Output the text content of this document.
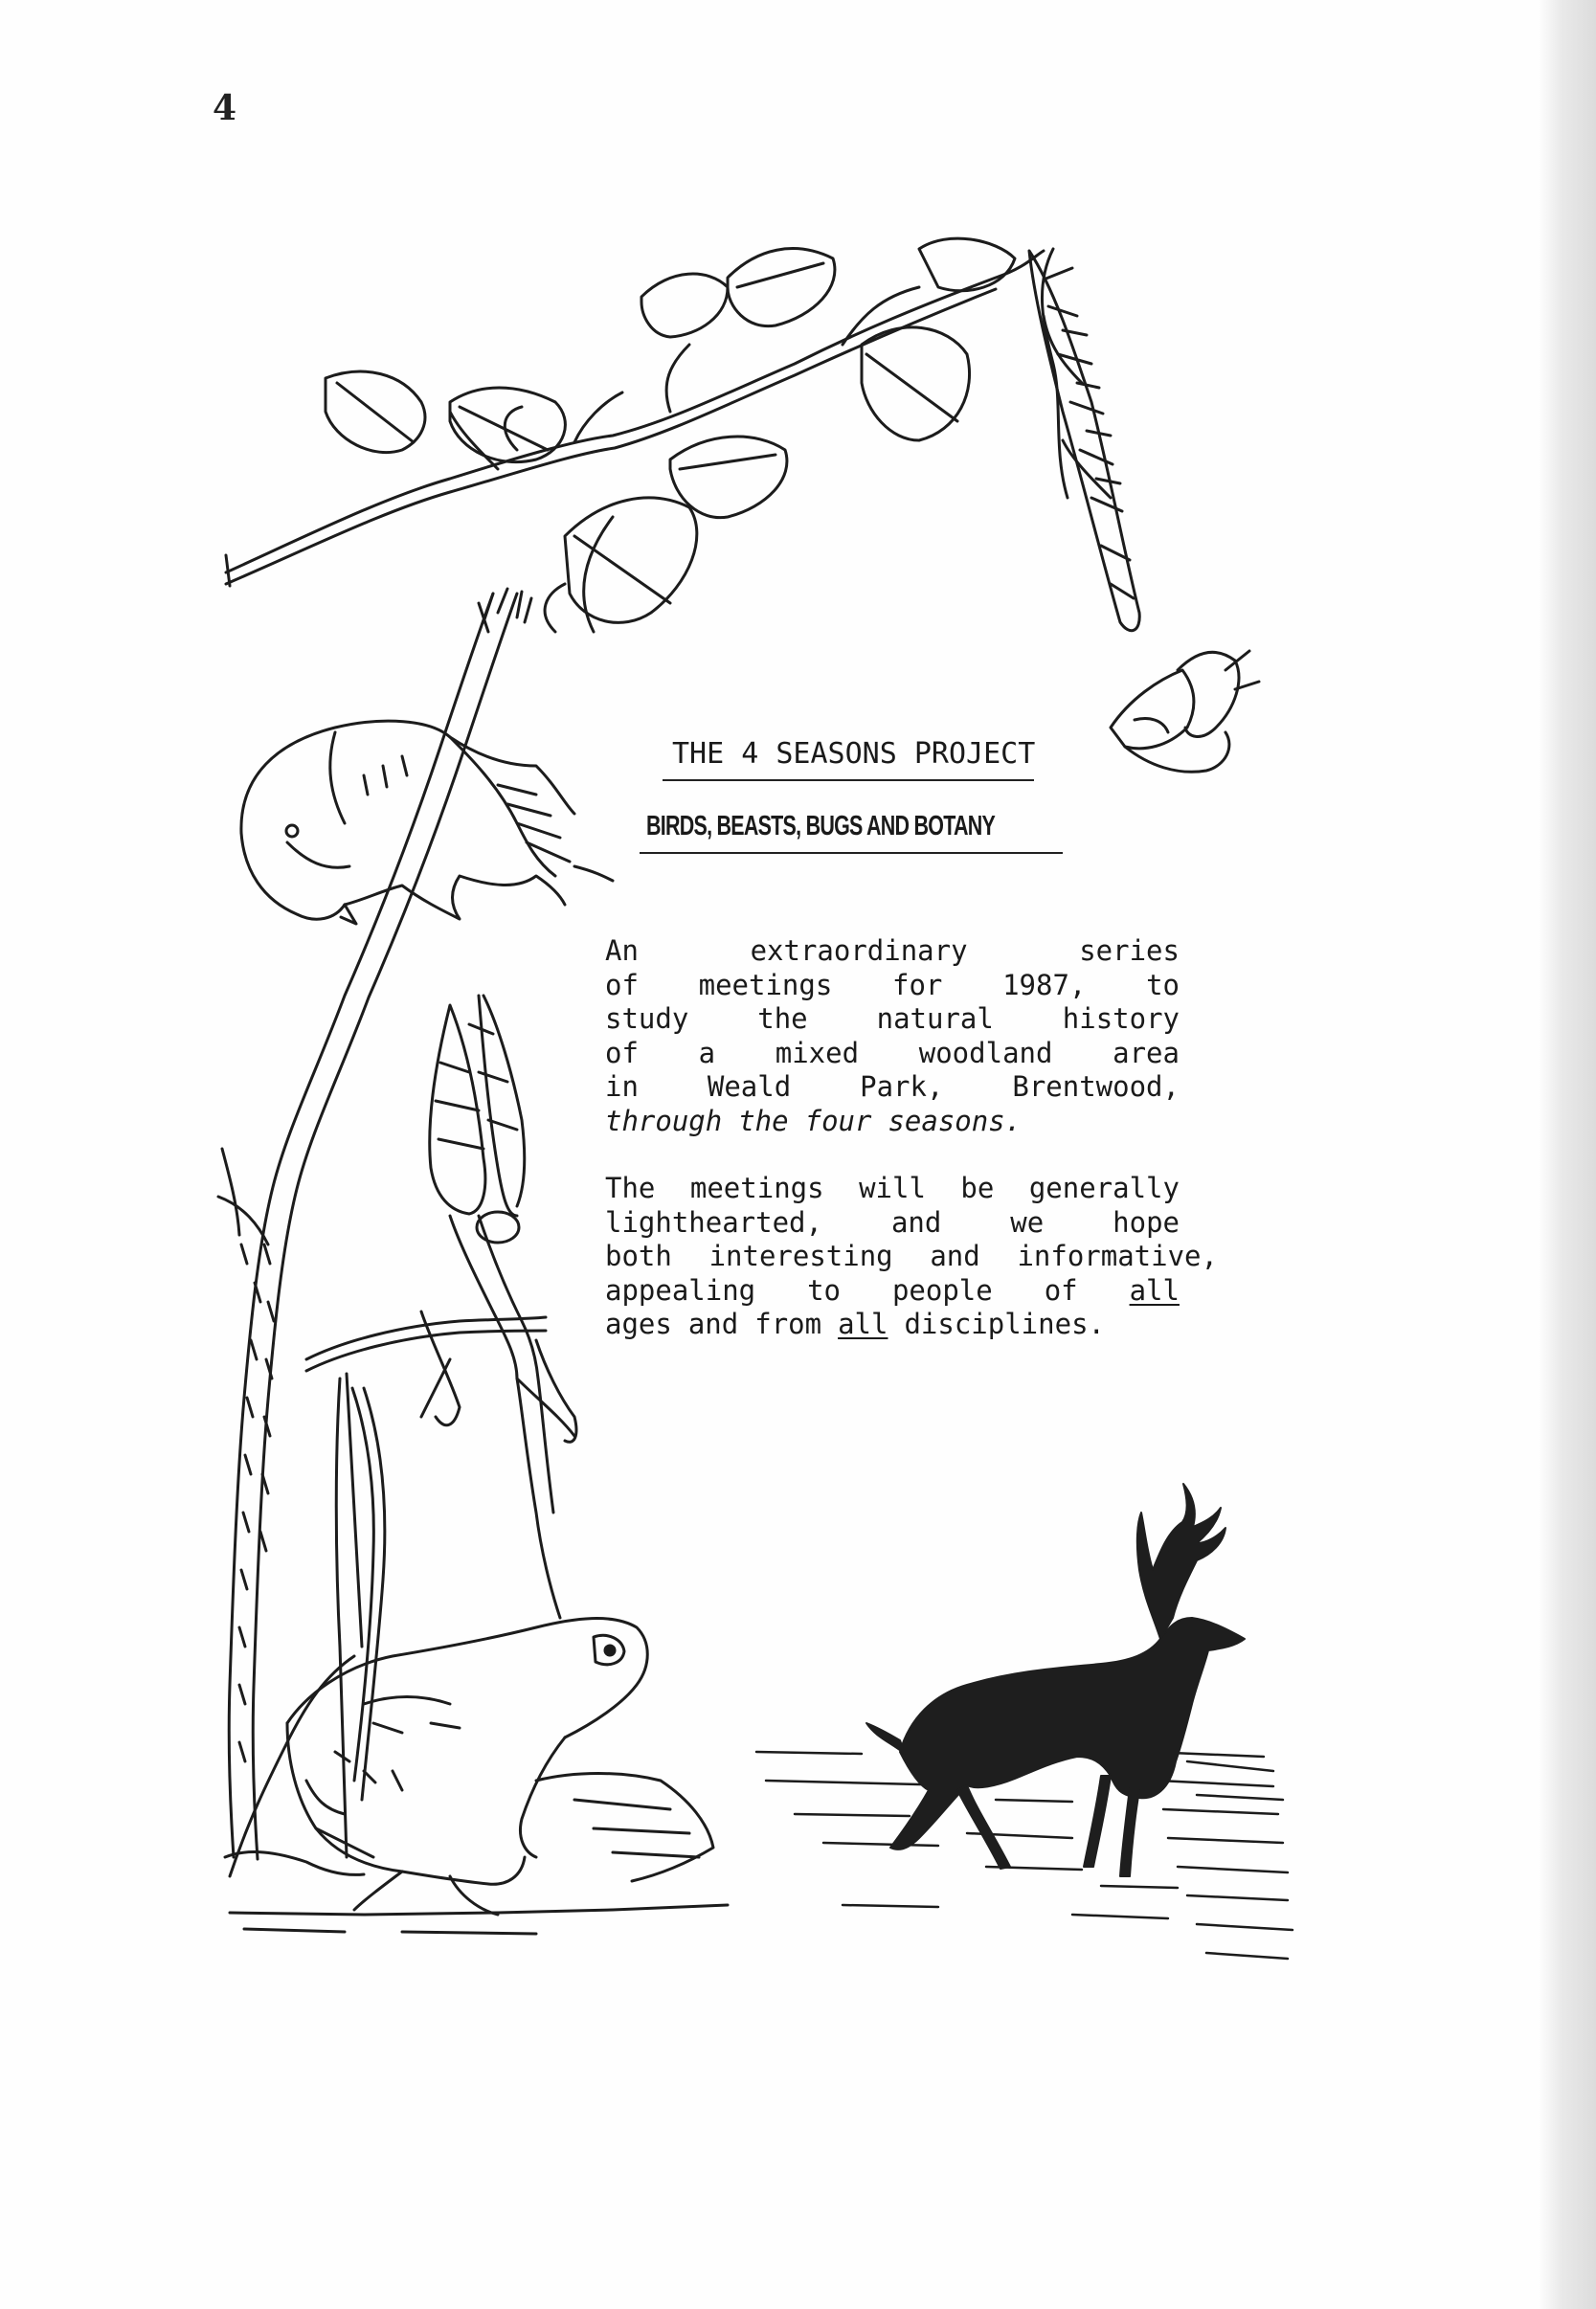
4
THE 4 SEASONS PROJECT
BIRDS, BEASTS, BUGS AND BOTANY
An	extraordinary	series
of meetings for 1987, to
study the natural history
of a mixed woodland area
in Weald Park, Brentwood,
through the four seasons.
The meetings will be generally
lighthearted, and we hope
both interesting and informative,
appealing to people of all
ages and from all disciplines.
